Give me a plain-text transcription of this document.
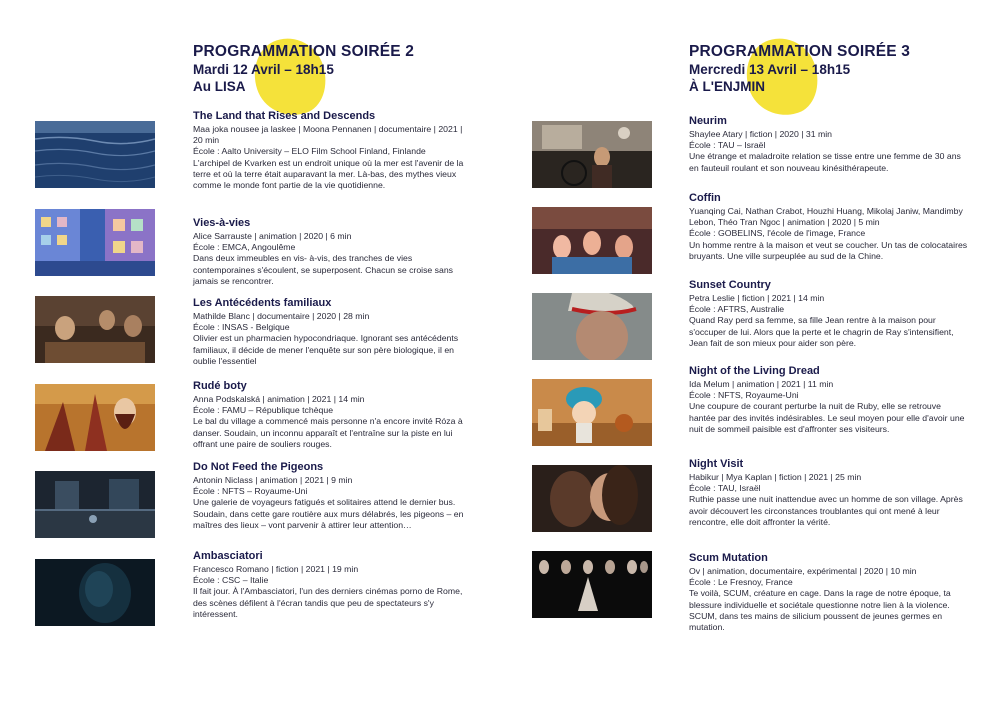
PROGRAMMATION SOIRÉE 2
Mardi 12 Avril – 18h15
Au LISA
The Land that Rises and Descends
Maa joka nousee ja laskee | Moona Pennanen | documentaire | 2021 | 20 min
École : Aalto University – ELO Film School Finland, Finlande
L'archipel de Kvarken est un endroit unique où la mer est l'avenir de la terre et où la terre était auparavant la mer. Là-bas, des mythes vieux comme le monde font partie de la vie quotidienne.
Vies-à-vies
Alice Sarrauste | animation | 2020 | 6 min
École : EMCA, Angoulême
Dans deux immeubles en vis- à-vis, des tranches de vies contemporaines s'écoulent, se superposent. Chacun se croise sans jamais se rencontrer.
Les Antécédents familiaux
Mathilde Blanc | documentaire | 2020 | 28 min
École : INSAS - Belgique
Olivier est un pharmacien hypocondriaque. Ignorant ses antécédents familiaux, il décide de mener l'enquête sur son père biologique, il en oublie l'essentiel
Rudé boty
Anna Podskalská | animation | 2021 | 14 min
École : FAMU – République tchèque
Le bal du village a commencé mais personne n'a encore invité Róza à danser. Soudain, un inconnu apparaît et l'entraîne sur la piste en lui offrant une paire de souliers rouges.
Do Not Feed the Pigeons
Antonin Niclass | animation | 2021 | 9 min
École : NFTS – Royaume-Uni
Une galerie de voyageurs fatigués et solitaires attend le dernier bus. Soudain, dans cette gare routière aux murs délabrés, les pigeons – en maîtres des lieux – vont parvenir à attirer leur attention…
Ambasciatori
Francesco Romano | fiction | 2021 | 19 min
École : CSC – Italie
Il fait jour. À l'Ambasciatori, l'un des derniers cinémas porno de Rome, des scènes défilent à l'écran tandis que peu de spectateurs s'y intéressent.
PROGRAMMATION SOIRÉE 3
Mercredi 13 Avril – 18h15
À L'ENJMIN
Neurim
Shaylee Atary | fiction | 2020 | 31 min
École : TAU – Israël
Une étrange et maladroite relation se tisse entre une femme de 30 ans en fauteuil roulant et son nouveau kinésithérapeute.
Coffin
Yuanqing Cai, Nathan Crabot, Houzhi Huang, Mikolaj Janiw, Mandimby Lebon, Théo Tran Ngoc | animation | 2020 | 5 min
École : GOBELINS, l'école de l'image, France
Un homme rentre à la maison et veut se coucher. Un tas de colocataires bruyants. Une ville surpeuplée au sud de la Chine.
Sunset Country
Petra Leslie | fiction | 2021 | 14 min
École : AFTRS, Australie
Quand Ray perd sa femme, sa fille Jean rentre à la maison pour s'occuper de lui. Alors que la perte et le chagrin de Ray s'intensifient, Jean fait de son mieux pour aider son père.
Night of the Living Dread
Ida Melum | animation | 2021 | 11 min
École : NFTS, Royaume-Uni
Une coupure de courant perturbe la nuit de Ruby, elle se retrouve hantée par des invités indésirables. Le seul moyen pour elle d'avoir une nuit de sommeil paisible est d'affronter ses visiteurs.
Night Visit
Habikur | Mya Kaplan | fiction | 2021 | 25 min
École : TAU, Israël
Ruthie passe une nuit inattendue avec un homme de son village. Après avoir découvert les circonstances troublantes qui ont mené à leur rencontre, elle doit affronter la vérité.
Scum Mutation
Ov | animation, documentaire, expérimental | 2020 | 10 min
École : Le Fresnoy, France
Te voilà, SCUM, créature en cage. Dans la rage de notre époque, ta blessure individuelle et sociétale questionne notre lien à la violence. SCUM, dans tes mains de silicium poussent de jeunes germes en mutation.
